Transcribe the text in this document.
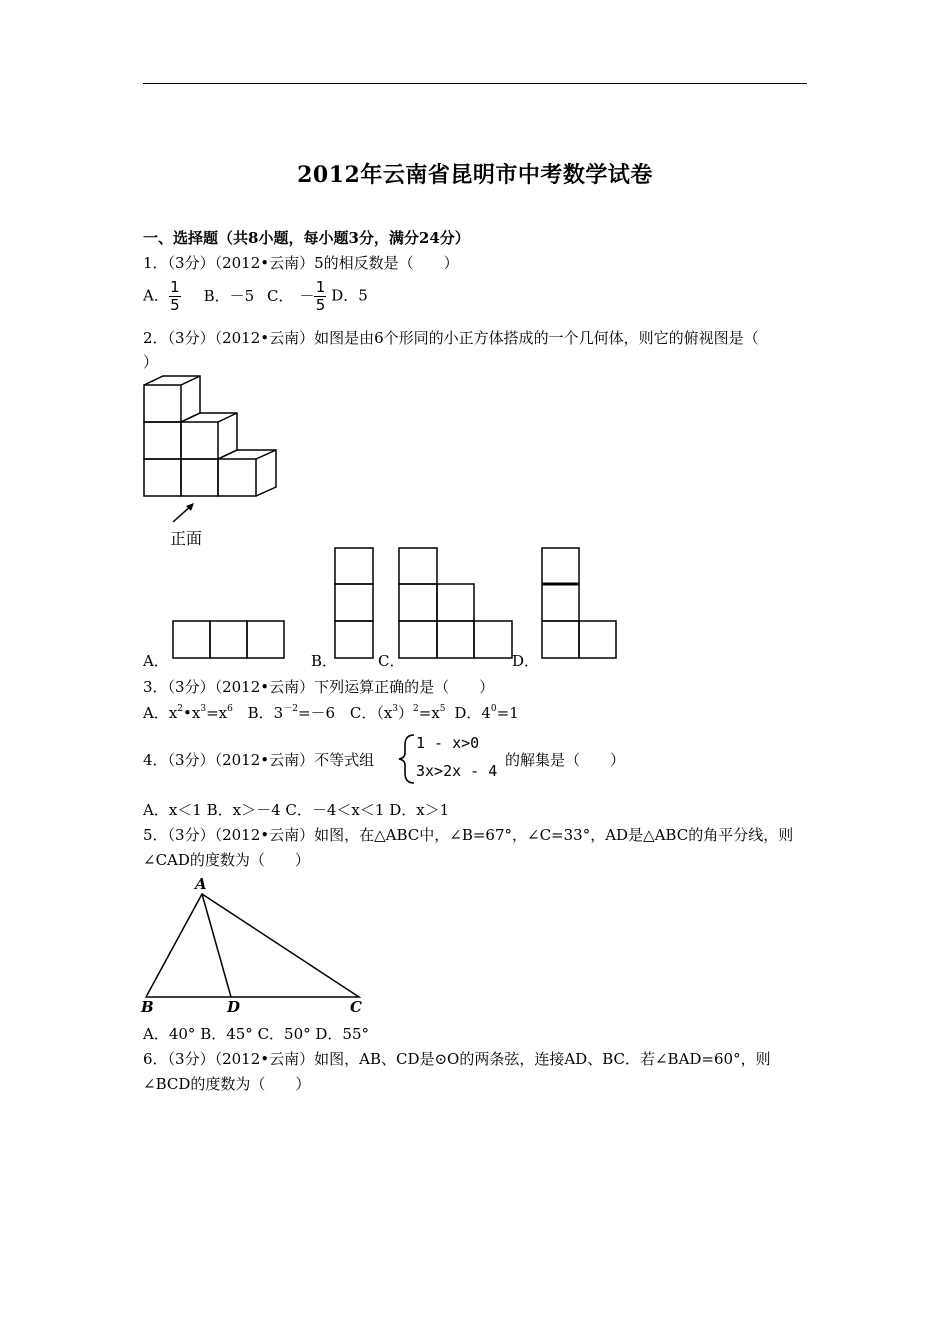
2012年云南省昆明市中考数学试卷
一、选择题（共8小题，每小题3分，满分24分）
1．（3分）（2012•云南）5的相反数是（　　）
A． $\frac{1}{5}$ B．－5 C． － $\frac{1}{5}$ D．5
2．（3分）（2012•云南）如图是由6个形同的小正方体搭成的一个几何体，则它的俯视图是（
）
正面
A．	B．	C．	D．
3．（3分）（2012•云南）下列运算正确的是（　　）
A．$x^2•x^3=x^6$ B．$3^{-2}=-6$ C．$(x^3)^2=x^5$ D．$4^0=1$
4．（3分）（2012•云南）不等式组
1 - x>0
3x>2x - 4
的解集是（　　）
A．x＜1 B．x＞－4 C．－4＜x＜1 D．x＞1
5．（3分）（2012•云南）如图，在△ABC中，∠B=67°，∠C=33°，AD是△ABC的角平分线，则
∠CAD的度数为（　　）
A
B	D	C
A．40° B．45° C．50° D．55°
6．（3分）（2012•云南）如图，AB、CD是⊙O的两条弦，连接AD、BC．若∠BAD=60°，则
∠BCD的度数为（　　）
